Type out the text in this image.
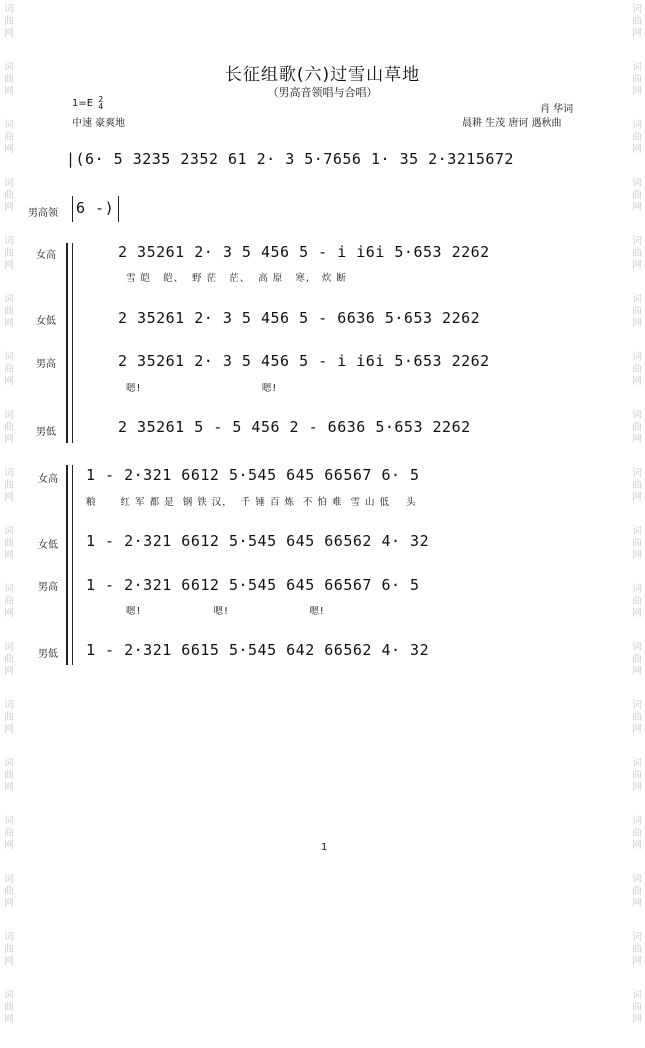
词曲网
词曲网
词曲网
词曲网
词曲网
词曲网
词曲网
词曲网
词曲网
词曲网
词曲网
词曲网
词曲网
词曲网
词曲网
词曲网
词曲网
词曲网
词曲网
词曲网
词曲网
词曲网
词曲网
词曲网
词曲网
词曲网
词曲网
词曲网
词曲网
词曲网
词曲网
词曲网
词曲网
词曲网
词曲网
词曲网
长征组歌(六)过雪山草地
（男高音领唱与合唱）
1=E 2
4
中速 豪爽地
肖 华词
晨耕 生茂 唐诃 遇秋曲
|(6· 5 3235 2352 61 2· 3 5·7656 1· 35 2·3215672
男高领 6 -)
女高	2 35261 2· 3 5 456 5 - i i6i 5·653 2262
雪 皑   皑、  野 茫   茫、  高 原   寒,   炊 断
女低	2 35261 2· 3 5 456 5 - 6636 5·653 2262
男高	2 35261 2· 3 5 456 5 - i i6i 5·653 2262
嗯!                              嗯!
男低	2 35261 5 - 5 456 2 - 6636 5·653 2262
女高 1 - 2·321 6612 5·545 645 66567 6· 5
粮      红 军 都 是  钢 铁 汉，  千 锤 百 炼  不 怕 难  雪 山 低    头
女低 1 - 2·321 6612 5·545 645 66562 4· 32
男高 1 - 2·321 6612 5·545 645 66567 6· 5
嗯!                  嗯!                    嗯!
男低 1 - 2·321 6615 5·545 642 66562 4· 32
1
